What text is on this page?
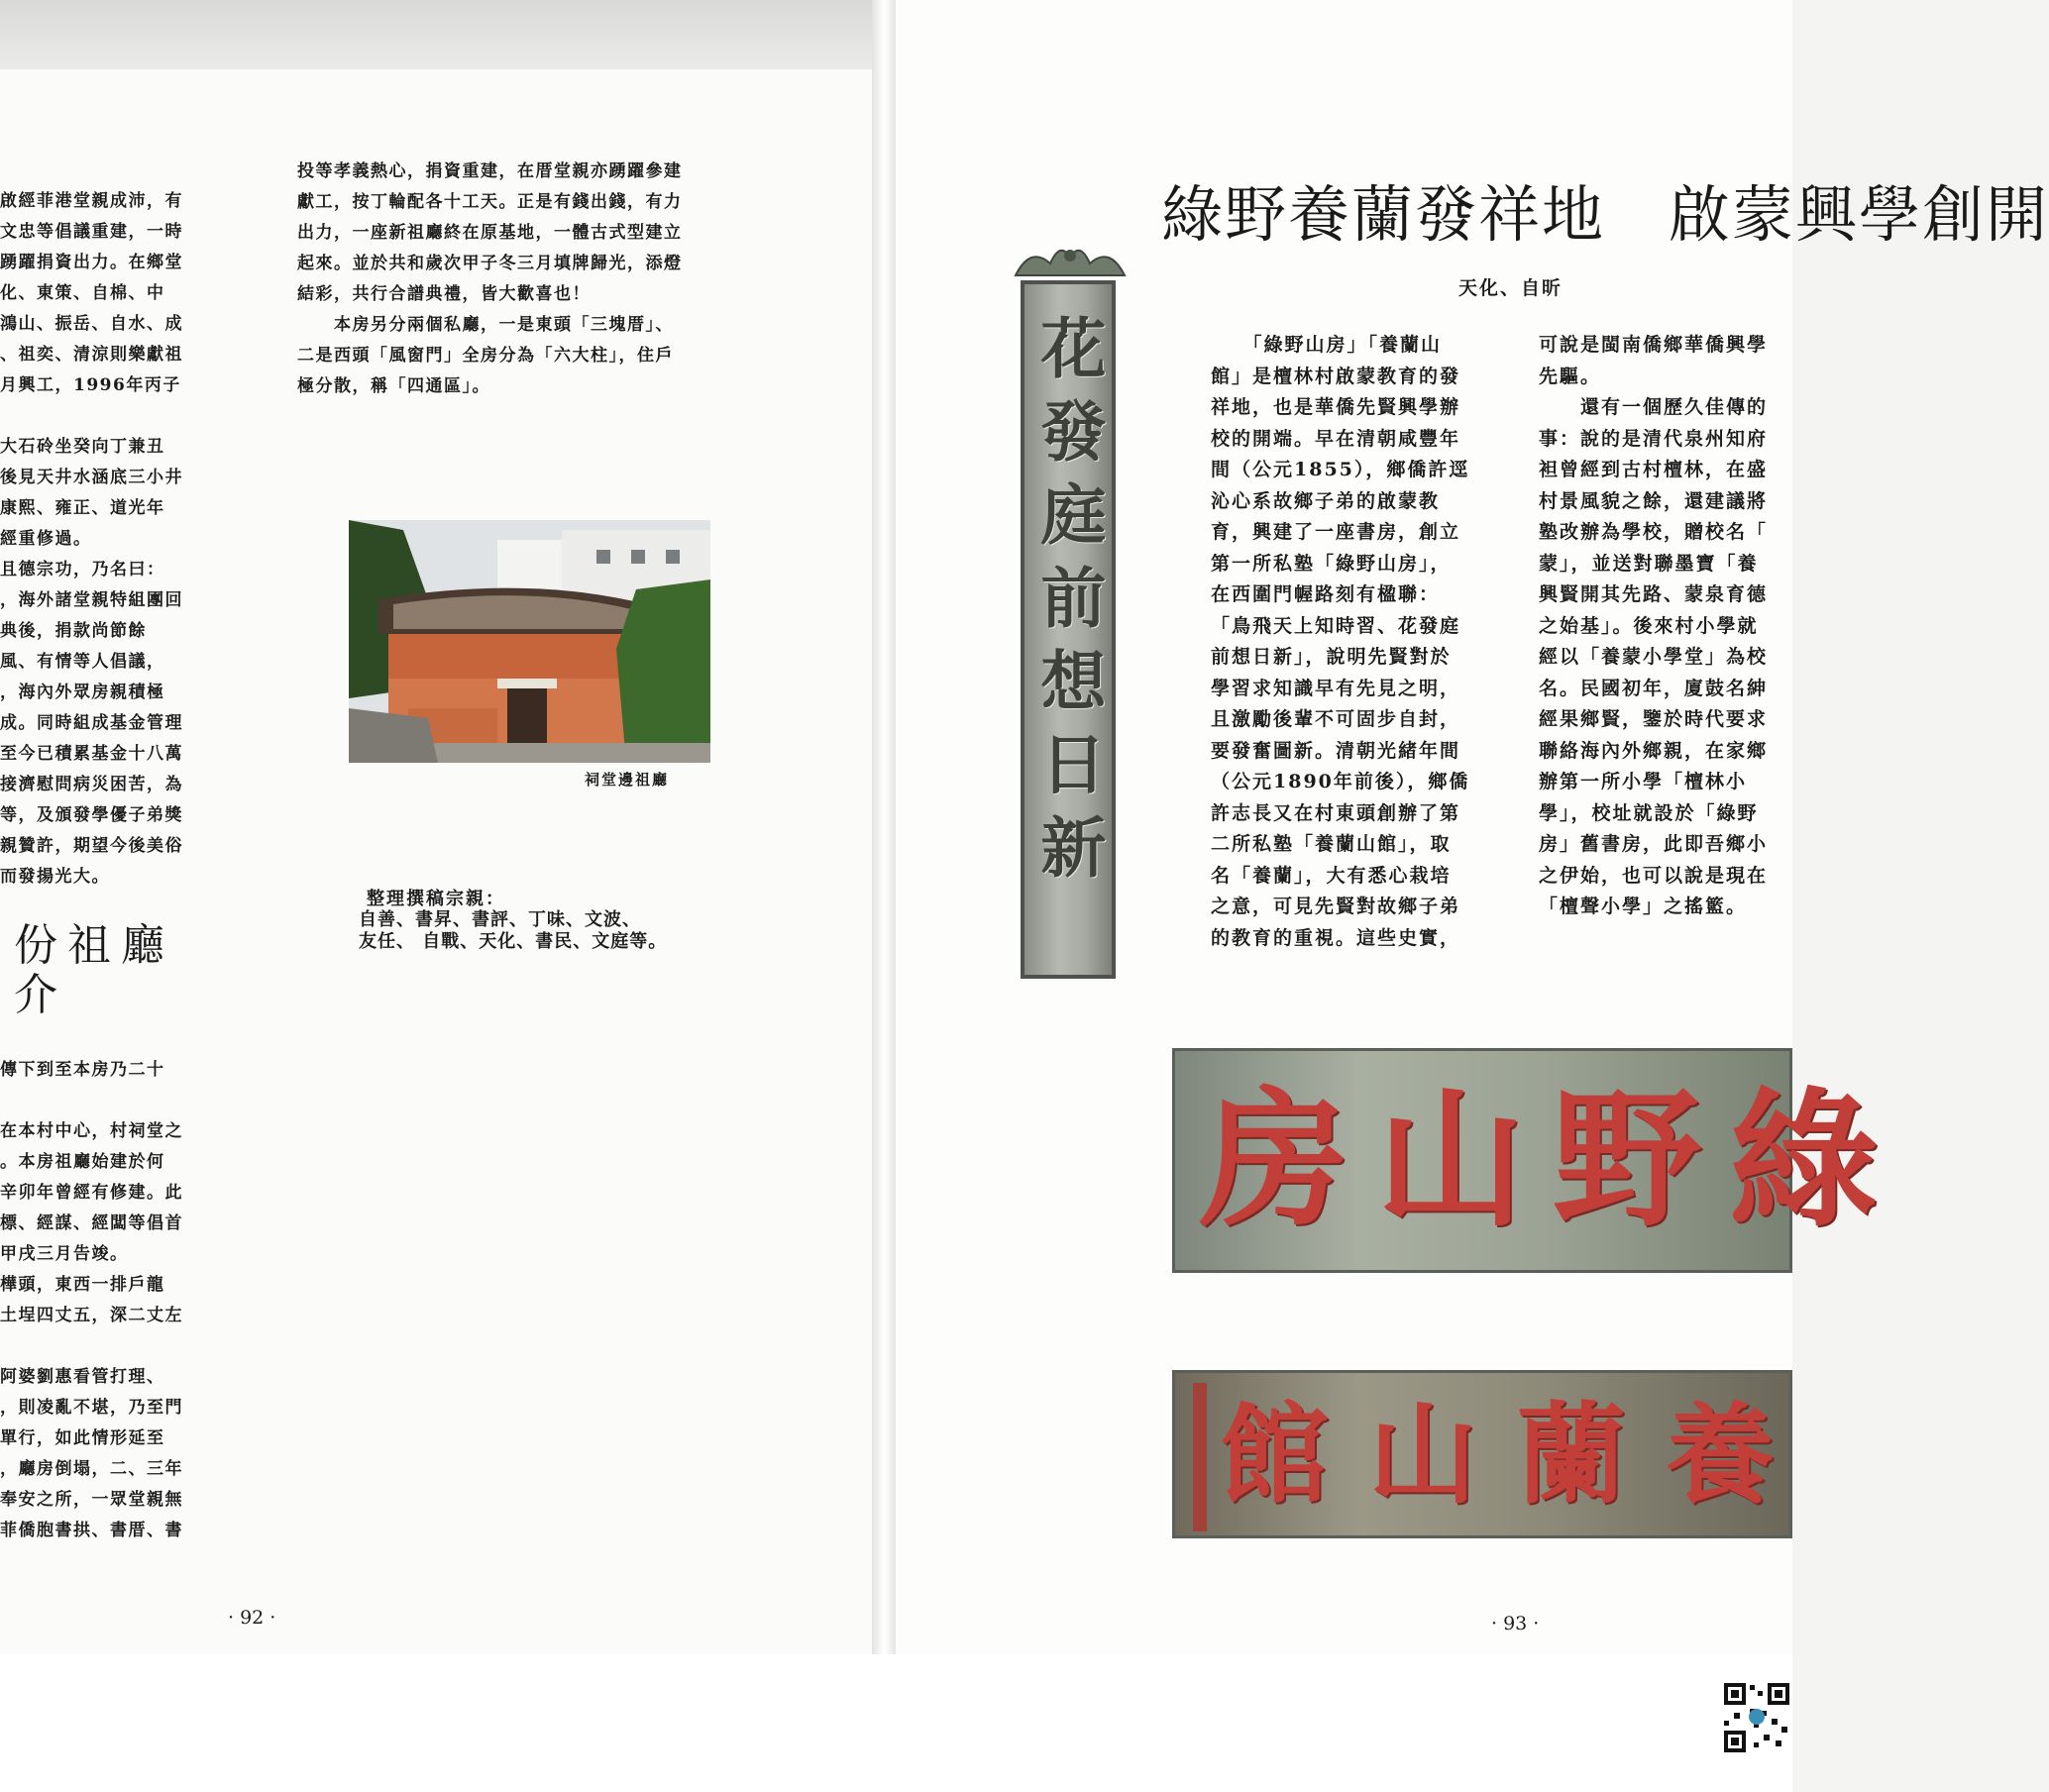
啟經菲港堂親成沛，有

文忠等倡議重建，一時

踴躍捐資出力。在鄉堂

化、東策、自棉、中

鴻山、振岳、自水、成

、祖奕、清涼則樂獻祖

月興工，1996年丙子

大石砱坐癸向丁兼丑

後見天井水涵底三小井

康熙、雍正、道光年

經重修過。

且德宗功，乃名曰：

，海外諸堂親特組團回

典後，捐款尚節餘

風、有情等人倡議，

，海內外眾房親積極

成。同時組成基金管理

至今已積累基金十八萬

接濟慰問病災困苦，為

等，及頒發學優子弟獎

親贊許，期望今後美俗

而發揚光大。

份祖廳
介

傳下到至本房乃二十

在本村中心，村祠堂之

。本房祖廳始建於何

辛卯年曾經有修建。此

標、經謀、經闆等倡首

甲戌三月告竣。

樺頭，東西一排戶龍

土埕四丈五，深二丈左

阿婆劉惠看管打理、

，則凌亂不堪，乃至門

單行，如此情形延至

，廳房倒塌，二、三年

奉安之所，一眾堂親無

菲僑胞書拱、書厝、書

投等孝義熱心，捐資重建，在厝堂親亦踴躍參建

獻工，按丁輪配各十工天。正是有錢出錢，有力

出力，一座新祖廳終在原基地，一體古式型建立

起來。並於共和歲次甲子冬三月填牌歸光，添燈

結彩，共行合譜典禮，皆大歡喜也！

　　本房另分兩個私廳，一是東頭「三塊厝」、

二是西頭「風窗門」全房分為「六大柱」，住戶

極分散，稱「四通區」。

祠堂邊祖廳

整理撰稿宗親：

自善、書昇、書評、丁味、文波、
友任、 自戰、天化、書民、文庭等。

· 92 ·

綠野養蘭發祥地　啟蒙興學創開

天化、自昕

花發庭前想日新	　　「綠野山房」「養蘭山

館」是檀林村啟蒙教育的發

祥地，也是華僑先賢興學辦

校的開端。早在清朝咸豐年

間（公元1855），鄉僑許逕

沁心系故鄉子弟的啟蒙教

育，興建了一座書房，創立

第一所私塾「綠野山房」，

在西圍門幄路刻有楹聯：

「鳥飛天上知時習、花發庭

前想日新」，說明先賢對於

學習求知識早有先見之明，

且激勵後輩不可固步自封，

要發奮圖新。清朝光緒年間

（公元1890年前後），鄉僑

許志長又在村東頭創辦了第

二所私塾「養蘭山館」，取

名「養蘭」，大有悉心栽培

之意，可見先賢對故鄉子弟

的教育的重視。這些史實，

可說是閩南僑鄉華僑興學

先驅。

　　還有一個歷久佳傳的

事：說的是清代泉州知府

袒曾經到古村檀林，在盛

村景風貌之餘，還建議將

塾改辦為學校，贈校名「

蒙」，並送對聯墨寶「養

興賢開其先路、蒙泉育德

之始基」。後來村小學就

經以「養蒙小學堂」為校

名。民國初年，廈鼓名紳

經果鄉賢，鑒於時代要求

聯絡海內外鄉親，在家鄉

辦第一所小學「檀林小

學」，校址就設於「綠野

房」舊書房，此即吾鄉小

之伊始，也可以說是現在

「檀聲小學」之搖籃。

房山野綠

館山蘭養

· 93 ·
